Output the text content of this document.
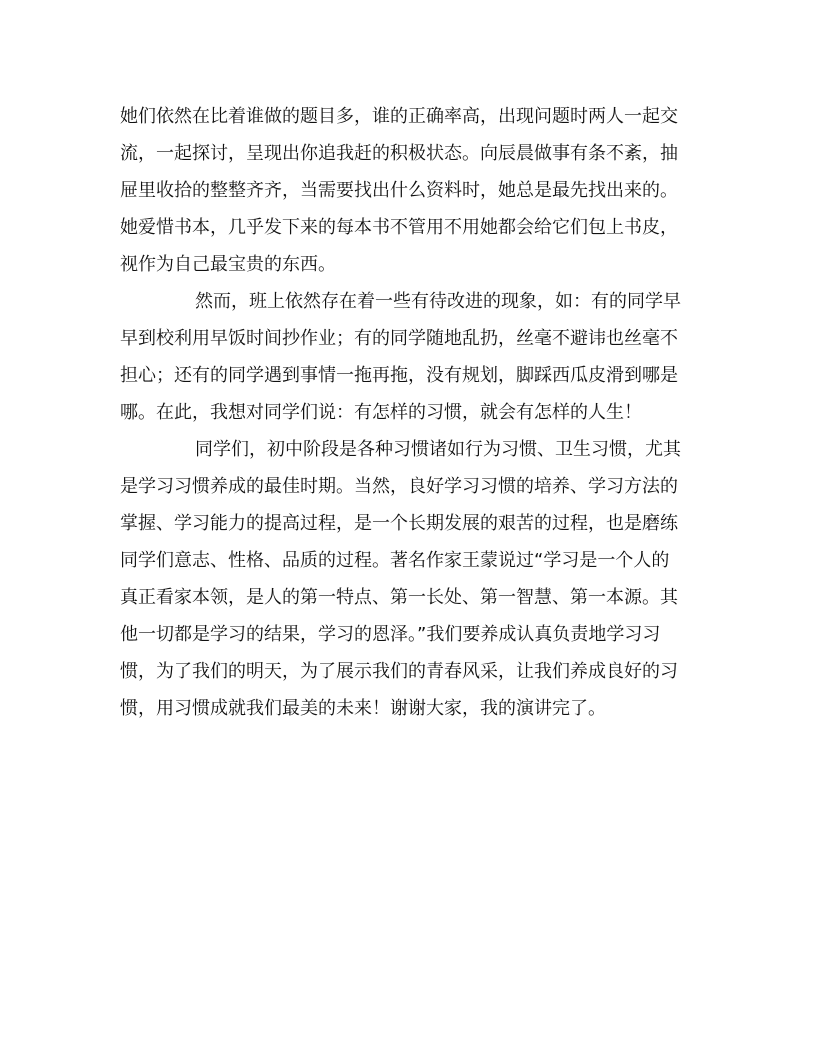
她们依然在比着谁做的题目多，谁的正确率高，出现问题时两人一起交
流，一起探讨，呈现出你追我赶的积极状态。向辰晨做事有条不紊，抽
屉里收拾的整整齐齐，当需要找出什么资料时，她总是最先找出来的。
她爱惜书本，几乎发下来的每本书不管用不用她都会给它们包上书皮，
视作为自己最宝贵的东西。
然而，班上依然存在着一些有待改进的现象，如：有的同学早
早到校利用早饭时间抄作业；有的同学随地乱扔，丝毫不避讳也丝毫不
担心；还有的同学遇到事情一拖再拖，没有规划，脚踩西瓜皮滑到哪是
哪。在此，我想对同学们说：有怎样的习惯，就会有怎样的人生！
同学们，初中阶段是各种习惯诸如行为习惯、卫生习惯，尤其
是学习习惯养成的最佳时期。当然，良好学习习惯的培养、学习方法的
掌握、学习能力的提高过程，是一个长期发展的艰苦的过程，也是磨练
同学们意志、性格、品质的过程。著名作家王蒙说过“学习是一个人的
真正看家本领，是人的第一特点、第一长处、第一智慧、第一本源。其
他一切都是学习的结果，学习的恩泽。”我们要养成认真负责地学习习
惯，为了我们的明天，为了展示我们的青春风采，让我们养成良好的习
惯，用习惯成就我们最美的未来！谢谢大家，我的演讲完了。
